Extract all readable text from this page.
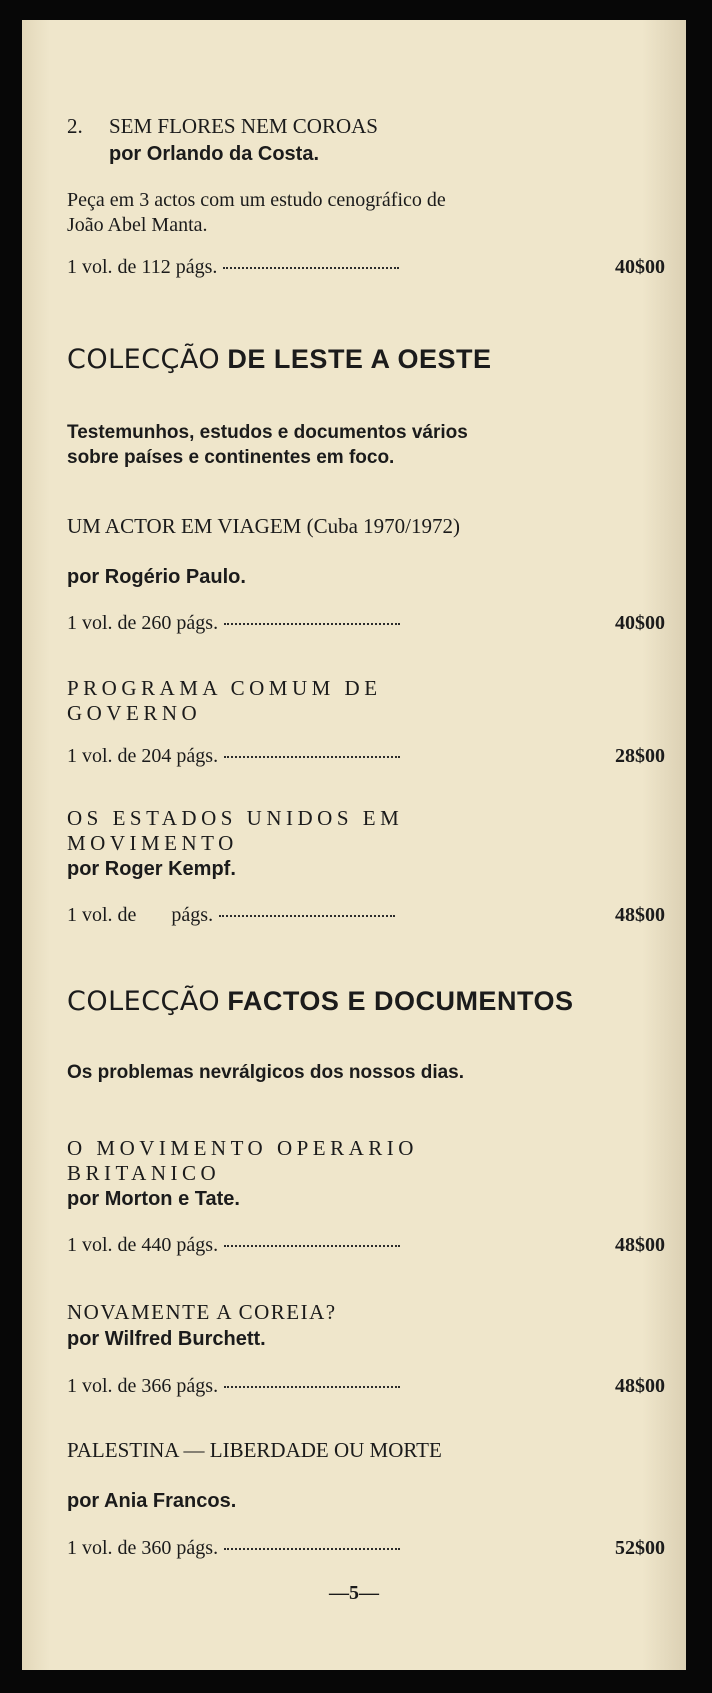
2. SEM FLORES NEM COROAS

por Orlando da Costa.

Peça em 3 actos com um estudo cenográfico de João Abel Manta.

1 vol. de 112 págs.	40$00
COLECÇÃO DE LESTE A OESTE

Testemunhos, estudos e documentos vários sobre países e continentes em foco.

UM ACTOR EM VIAGEM (Cuba 1970/1972)

por Rogério Paulo.

1 vol. de 260 págs.	40$00

PROGRAMA COMUM DE GOVERNO

1 vol. de 204 págs.	28$00

OS ESTADOS UNIDOS EM MOVIMENTO

por Roger Kempf.

1 vol. de       págs.	48$00
COLECÇÃO FACTOS E DOCUMENTOS

Os problemas nevrálgicos dos nossos dias.

O MOVIMENTO OPERARIO BRITANICO

por Morton e Tate.

1 vol. de 440 págs.	48$00

NOVAMENTE A COREIA?

por Wilfred Burchett.

1 vol. de 366 págs.	48$00

PALESTINA — LIBERDADE OU MORTE

por Ania Francos.

1 vol. de 360 págs.	52$00
—5—
